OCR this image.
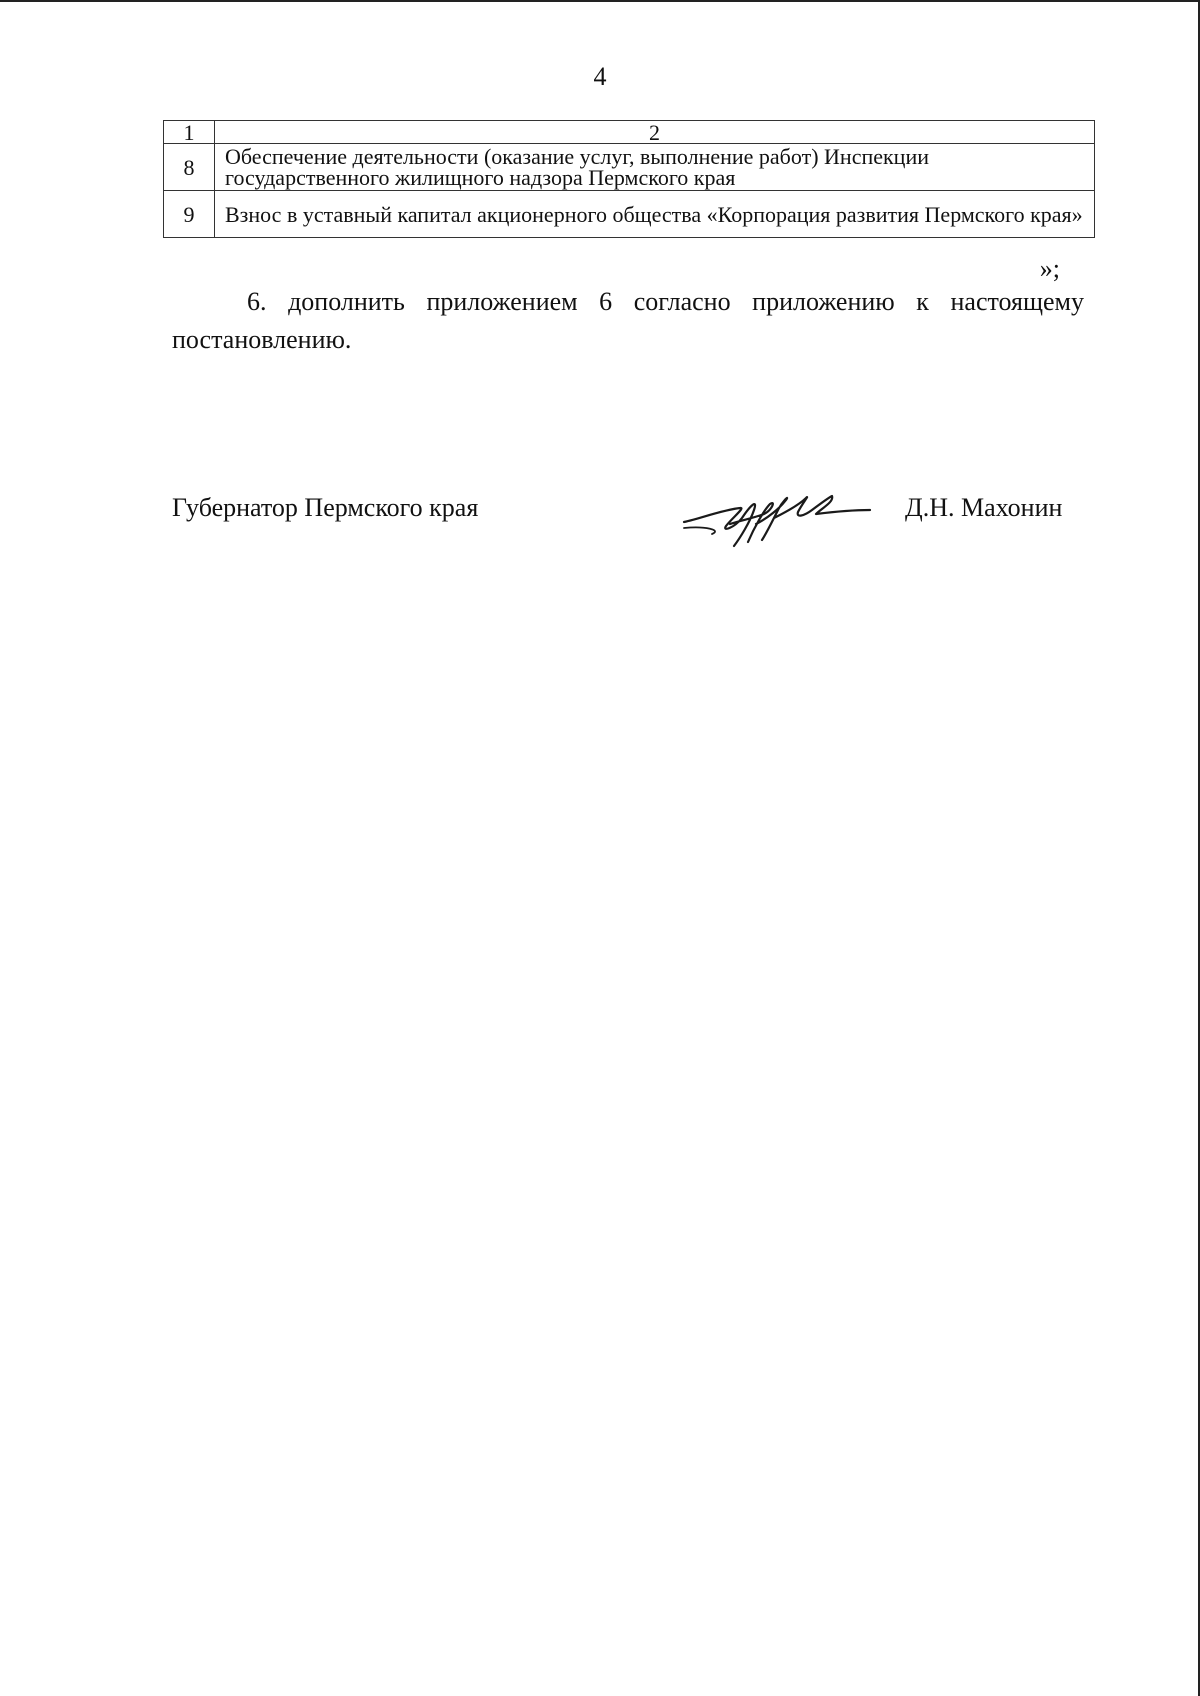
4
1	2
8	Обеспечение деятельности (оказание услуг, выполнение работ) Инспекции государственного жилищного надзора Пермского края
9	Взнос в уставный капитал акционерного общества «Корпорация развития Пермского края»
»;

6. дополнить приложением 6 согласно приложению к настоящему постановлению.

Губернатор Пермского края	Д.Н. Махонин
